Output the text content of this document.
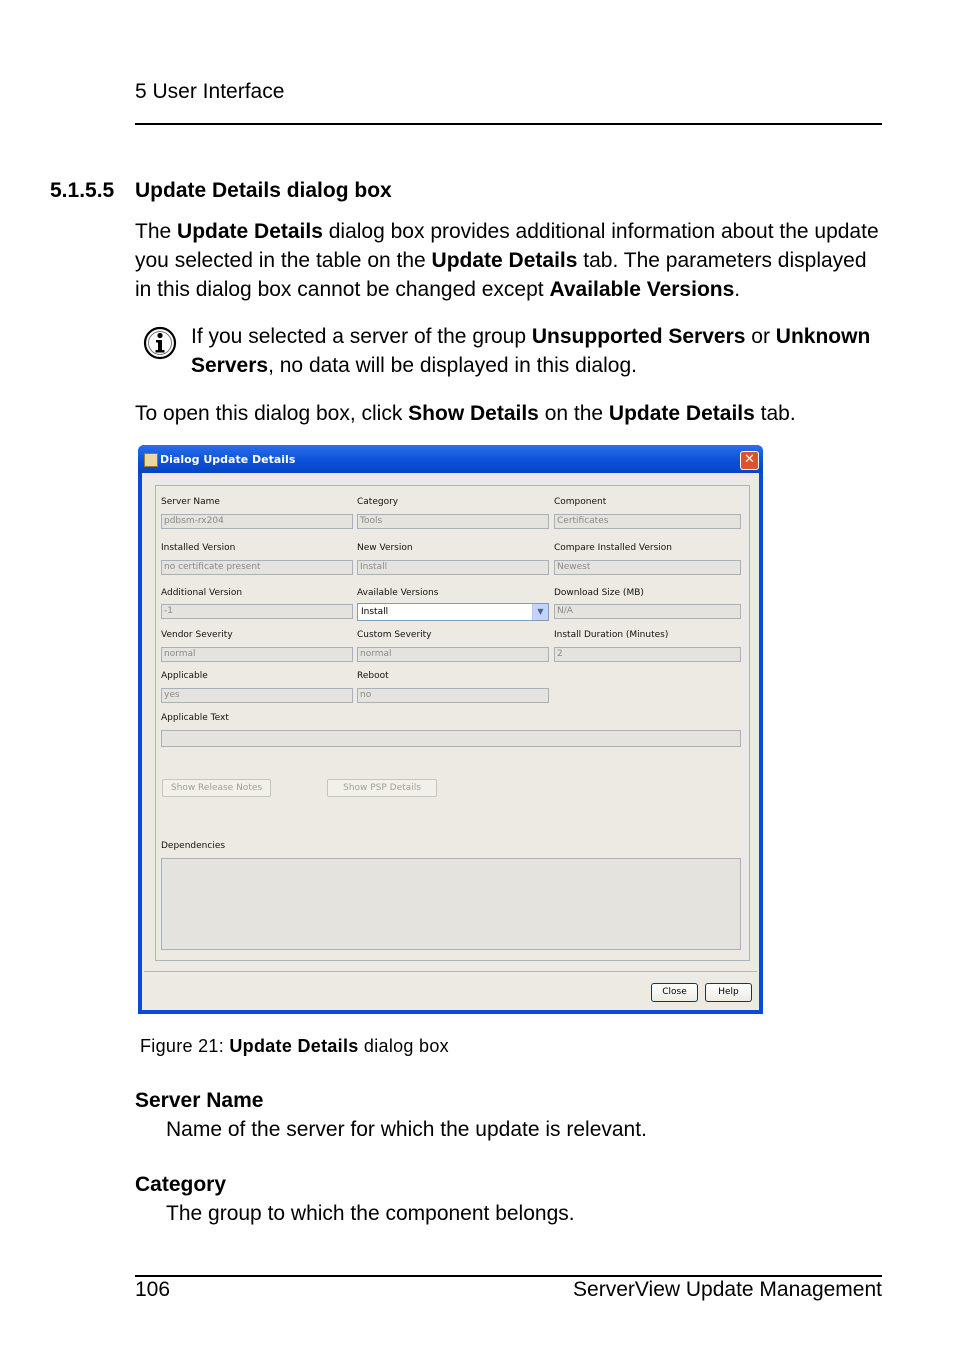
5 User Interface
5.1.5.5 Update Details dialog box
The Update Details dialog box provides additional information about the update you selected in the table on the Update Details tab. The parameters displayed in this dialog box cannot be changed except Available Versions.
If you selected a server of the group Unsupported Servers or Unknown Servers, no data will be displayed in this dialog.
To open this dialog box, click Show Details on the Update Details tab.
Dialog Update Details	✕
Server Name
pdbsm-rx204
Category
Tools
Component
Certificates
Installed Version
no certificate present
New Version
Install
Compare Installed Version
Newest
Additional Version
-1
Available Versions
Install	▼
Download Size (MB)
N/A
Vendor Severity
normal
Custom Severity
normal
Install Duration (Minutes)
2
Applicable
yes
Reboot
no
Applicable Text
Show Release Notes	Show PSP Details
Dependencies
Close	Help
Figure 21: Update Details dialog box
Server Name
Name of the server for which the update is relevant.
Category
The group to which the component belongs.
106	ServerView Update Management
